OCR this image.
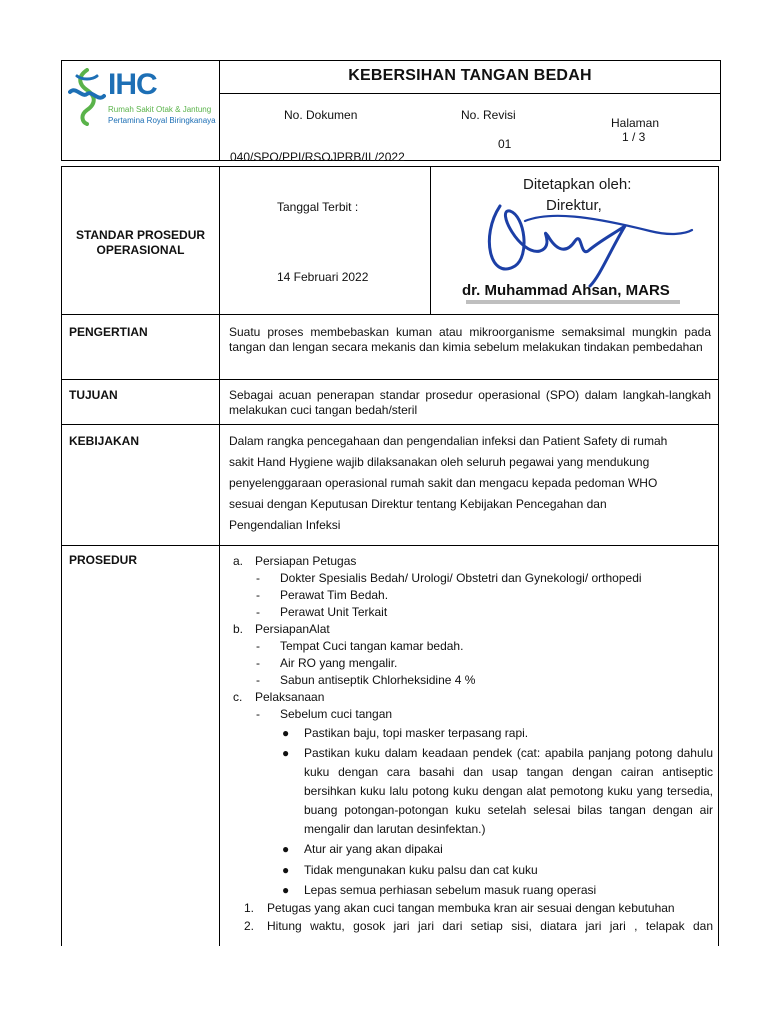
IHC
Rumah Sakit Otak & Jantung
Pertamina Royal Biringkanaya
KEBERSIHAN TANGAN BEDAH
No. Dokumen
040/SPO/PPI/RSOJPRB/II /2022
No. Revisi
01
Halaman
1 / 3
STANDAR PROSEDUR
OPERASIONAL
Tanggal Terbit :
14 Februari 2022
Ditetapkan oleh:
Direktur,
dr. Muhammad Ahsan, MARS
PENGERTIAN	Suatu proses membebaskan kuman atau mikroorganisme semaksimal mungkin pada tangan dan lengan secara mekanis dan kimia sebelum melakukan tindakan pembedahan
TUJUAN	Sebagai acuan penerapan standar prosedur operasional (SPO) dalam langkah-langkah melakukan cuci tangan bedah/steril
KEBIJAKAN	Dalam rangka pencegahaan dan pengendalian infeksi dan Patient Safety di rumah
sakit Hand Hygiene wajib dilaksanakan oleh seluruh pegawai yang mendukung
penyelenggaraan operasional rumah sakit dan mengacu kepada pedoman WHO
sesuai dengan Keputusan Direktur tentang Kebijakan Pencegahan dan
Pengendalian Infeksi
PROSEDUR	a. Persiapan Petugas
- Dokter Spesialis Bedah/ Urologi/ Obstetri dan Gynekologi/ orthopedi
- Perawat Tim Bedah.
- Perawat Unit Terkait
b. PersiapanAlat
- Tempat Cuci tangan kamar bedah.
- Air RO yang mengalir.
- Sabun antiseptik Chlorheksidine 4 %
c. Pelaksanaan
- Sebelum cuci tangan
● Pastikan baju, topi masker terpasang rapi.
● Pastikan kuku dalam keadaan pendek (cat: apabila panjang potong dahulu kuku dengan cara basahi dan usap tangan dengan cairan antiseptic bersihkan kuku lalu potong kuku dengan alat pemotong kuku yang tersedia, buang potongan-potongan kuku setelah selesai bilas tangan dengan air mengalir dan larutan desinfektan.)
● Atur air yang akan dipakai
● Tidak mengunakan kuku palsu dan cat kuku
● Lepas semua perhiasan sebelum masuk ruang operasi
1. Petugas yang akan cuci tangan membuka kran air sesuai dengan kebutuhan
2. Hitung waktu, gosok jari jari dari setiap sisi, diatara jari jari , telapak dan
